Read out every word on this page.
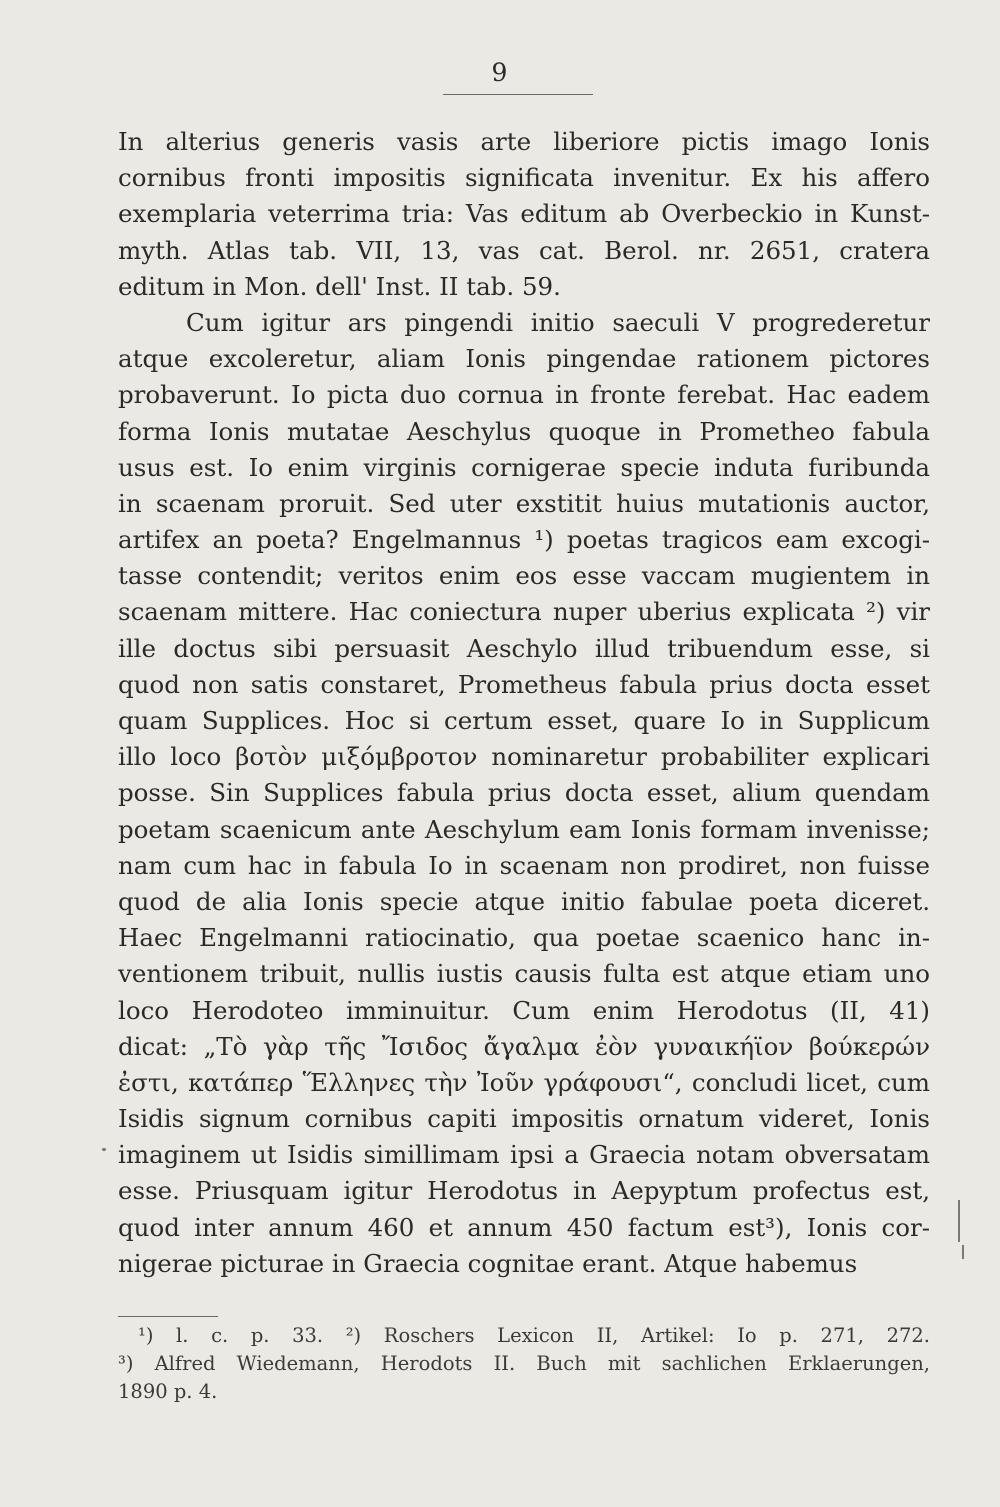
9
In alterius generis vasis arte liberiore pictis imago Ionis
cornibus fronti impositis significata invenitur. Ex his affero
exemplaria veterrima tria: Vas editum ab Overbeckio in Kunst-
myth. Atlas tab. VII, 13, vas cat. Berol. nr. 2651, cratera
editum in Mon. dell' Inst. II tab. 59.
Cum igitur ars pingendi initio saeculi V progrederetur
atque excoleretur, aliam Ionis pingendae rationem pictores
probaverunt. Io picta duo cornua in fronte ferebat. Hac eadem
forma Ionis mutatae Aeschylus quoque in Prometheo fabula
usus est. Io enim virginis cornigerae specie induta furibunda
in scaenam proruit. Sed uter exstitit huius mutationis auctor,
artifex an poeta? Engelmannus ¹) poetas tragicos eam excogi-
tasse contendit; veritos enim eos esse vaccam mugientem in
scaenam mittere. Hac coniectura nuper uberius explicata ²) vir
ille doctus sibi persuasit Aeschylo illud tribuendum esse, si
quod non satis constaret, Prometheus fabula prius docta esset
quam Supplices. Hoc si certum esset, quare Io in Supplicum
illo loco βοτὸν μιξόμβροτον nominaretur probabiliter explicari
posse. Sin Supplices fabula prius docta esset, alium quendam
poetam scaenicum ante Aeschylum eam Ionis formam invenisse;
nam cum hac in fabula Io in scaenam non prodiret, non fuisse
quod de alia Ionis specie atque initio fabulae poeta diceret.
Haec Engelmanni ratiocinatio, qua poetae scaenico hanc in-
ventionem tribuit, nullis iustis causis fulta est atque etiam uno
loco Herodoteo imminuitur. Cum enim Herodotus (II, 41)
dicat: „Τὸ γὰρ τῆς Ἴσιδος ἄγαλμα ἐὸν γυναικήϊον βούκερών
ἐστι, κατάπερ Ἕλληνες τὴν Ἰοῦν γράφουσι“, concludi licet, cum
Isidis signum cornibus capiti impositis ornatum videret, Ionis
imaginem ut Isidis simillimam ipsi a Graecia notam obversatam
esse. Priusquam igitur Herodotus in Aepyptum profectus est,
quod inter annum 460 et annum 450 factum est³), Ionis cor-
nigerae picturae in Graecia cognitae erant. Atque habemus
¹) l. c. p. 33. ²) Roschers Lexicon II, Artikel: Io p. 271, 272.
³) Alfred Wiedemann, Herodots II. Buch mit sachlichen Erklaerungen,
1890 p. 4.
